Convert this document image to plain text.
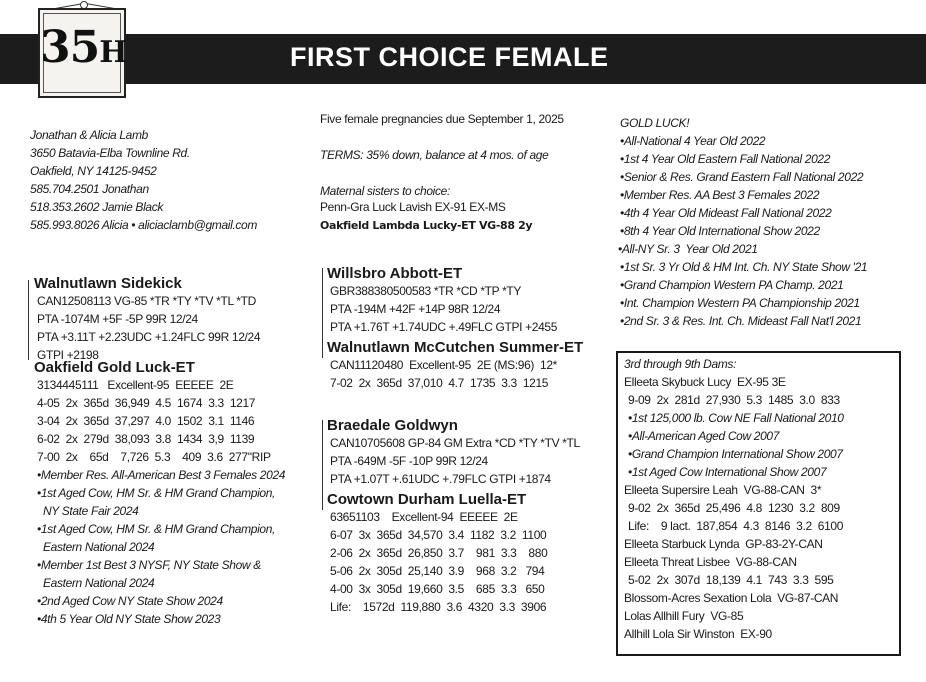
FIRST CHOICE FEMALE
35H
Jonathan & Alicia Lamb
3650 Batavia-Elba Townline Rd.
Oakfield, NY 14125-9452
585.704.2501 Jonathan
518.353.2602 Jamie Black
585.993.8026 Alicia • aliciaclamb@gmail.com
Five female pregnancies due September 1, 2025
TERMS: 35% down, balance at 4 mos. of age
Maternal sisters to choice:
Penn-Gra Luck Lavish EX-91 EX-MS
Oakfield Lambda Lucky-ET VG-88 2y
Walnutlawn Sidekick
CAN12508113 VG-85 *TR *TY *TV *TL *TD
PTA -1074M +5F -5P 99R 12/24
PTA +3.11T +2.23UDC +1.24FLC 99R 12/24
GTPI +2198
Oakfield Gold Luck-ET
3134445111   Excellent-95  EEEEE  2E
4-05  2x  365d  36,949  4.5  1674  3.3  1217
3-04  2x  365d  37,297  4.0  1502  3.1  1146
6-02  2x  279d  38,093  3.8  1434  3,9  1139
7-00  2x    65d    7,726  5.3    409  3.6  277"RIP
•Member Res. All-American Best 3 Females 2024
•1st Aged Cow, HM Sr. & HM Grand Champion,
NY State Fair 2024
•1st Aged Cow, HM Sr. & HM Grand Champion,
Eastern National 2024
•Member 1st Best 3 NYSF, NY State Show &
Eastern National 2024
•2nd Aged Cow NY State Show 2024
•4th 5 Year Old NY State Show 2023
Willsbro Abbott-ET
GBR388380500583 *TR *CD *TP *TY
PTA -194M +42F +14P 98R 12/24
PTA +1.76T +1.74UDC +.49FLC GTPI +2455
Walnutlawn McCutchen Summer-ET
CAN11120480  Excellent-95  2E (MS:96)  12*
7-02  2x  365d  37,010  4.7  1735  3.3  1215
Braedale Goldwyn
CAN10705608 GP-84 GM Extra *CD *TY *TV *TL
PTA -649M -5F -10P 99R 12/24
PTA +1.07T +.61UDC +.79FLC GTPI +1874
Cowtown Durham Luella-ET
63651103    Excellent-94  EEEEE  2E
6-07  3x  365d  34,570  3.4  1182  3.2  1100
2-06  2x  365d  26,850  3.7    981  3.3    880
5-06  2x  305d  25,140  3.9    968  3.2   794
4-00  3x  305d  19,660  3.5    685  3.3   650
Life:    1572d  119,880  3.6  4320  3.3  3906
GOLD LUCK!
•All-National 4 Year Old 2022
•1st 4 Year Old Eastern Fall National 2022
•Senior & Res. Grand Eastern Fall National 2022
•Member Res. AA Best 3 Females 2022
•4th 4 Year Old Mideast Fall National 2022
•8th 4 Year Old International Show 2022
•All-NY Sr. 3  Year Old 2021
•1st Sr. 3 Yr Old & HM Int. Ch. NY State Show '21
•Grand Champion Western PA Champ. 2021
•Int. Champion Western PA Championship 2021
•2nd Sr. 3 & Res. Int. Ch. Mideast Fall Nat'l 2021
3rd through 9th Dams:
Elleeta Skybuck Lucy  EX-95 3E
9-09  2x  281d  27,930  5.3  1485  3.0  833
•1st 125,000 lb. Cow NE Fall National 2010
•All-American Aged Cow 2007
•Grand Champion International Show 2007
•1st Aged Cow International Show 2007
Elleeta Supersire Leah  VG-88-CAN  3*
9-02  2x  365d  25,496  4.8  1230  3.2  809
Life:    9 lact.  187,854  4.3  8146  3.2  6100
Elleeta Starbuck Lynda  GP-83-2Y-CAN
Elleeta Threat Lisbee  VG-88-CAN
5-02  2x  307d  18,139  4.1  743  3.3  595
Blossom-Acres Sexation Lola  VG-87-CAN
Lolas Allhill Fury  VG-85
Allhill Lola Sir Winston  EX-90
